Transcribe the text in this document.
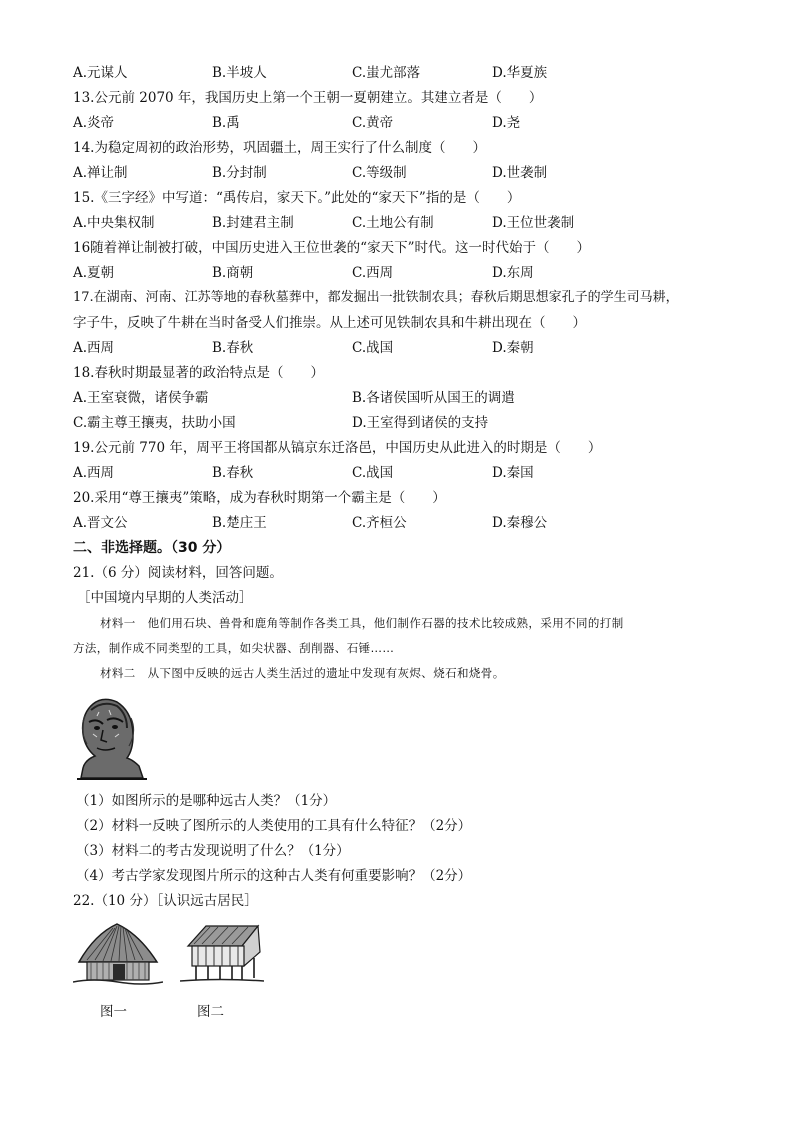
A.元谋人	B.半坡人	C.蚩尤部落	D.华夏族
13.公元前 2070 年，我国历史上第一个王朝一夏朝建立。其建立者是（　　）
A.炎帝	B.禹	C.黄帝	D.尧
14.为稳定周初的政治形势，巩固疆土，周王实行了什么制度（　　）
A.禅让制	B.分封制	C.等级制	D.世袭制
15.《三字经》中写道：“禹传启，家天下。”此处的“家天下”指的是（　　）
A.中央集权制	B.封建君主制	C.土地公有制	D.王位世袭制
16随着禅让制被打破，中国历史进入王位世袭的“家天下”时代。这一时代始于（　　）
A.夏朝	B.商朝	C.西周	D.东周
17.在湖南、河南、江苏等地的春秋墓葬中，都发掘出一批铁制农具；春秋后期思想家孔子的学生司马耕，
字子牛，反映了牛耕在当时备受人们推崇。从上述可见铁制农具和牛耕出现在（　　）
A.西周	B.春秋	C.战国	D.秦朝
18.春秋时期最显著的政治特点是（　　）
A.王室衰微，诸侯争霸	B.各诸侯国听从国王的调遣
C.霸主尊王攘夷，扶助小国	D.王室得到诸侯的支持
19.公元前 770 年，周平王将国都从镐京东迁洛邑，中国历史从此进入的时期是（　　）
A.西周	B.春秋	C.战国	D.秦国
20.采用“尊王攘夷”策略，成为春秋时期第一个霸主是（　　）
A.晋文公	B.楚庄王	C.齐桓公	D.秦穆公
二、非选择题。（30 分）
21.（6 分）阅读材料，回答问题。
［中国境内早期的人类活动］
材料一　他们用石块、兽骨和鹿角等制作各类工具，他们制作石器的技术比较成熟，采用不同的打制
方法，制作成不同类型的工具，如尖状器、刮削器、石锤……
材料二　从下图中反映的远古人类生活过的遗址中发现有灰烬、烧石和烧骨。
（1）如图所示的是哪种远古人类？（1分）
（2）材料一反映了图所示的人类使用的工具有什么特征？（2分）
（3）材料二的考古发现说明了什么？（1分）
（4）考古学家发现图片所示的这种古人类有何重要影响？（2分）
22.（10 分）［认识远古居民］
图一	图二
